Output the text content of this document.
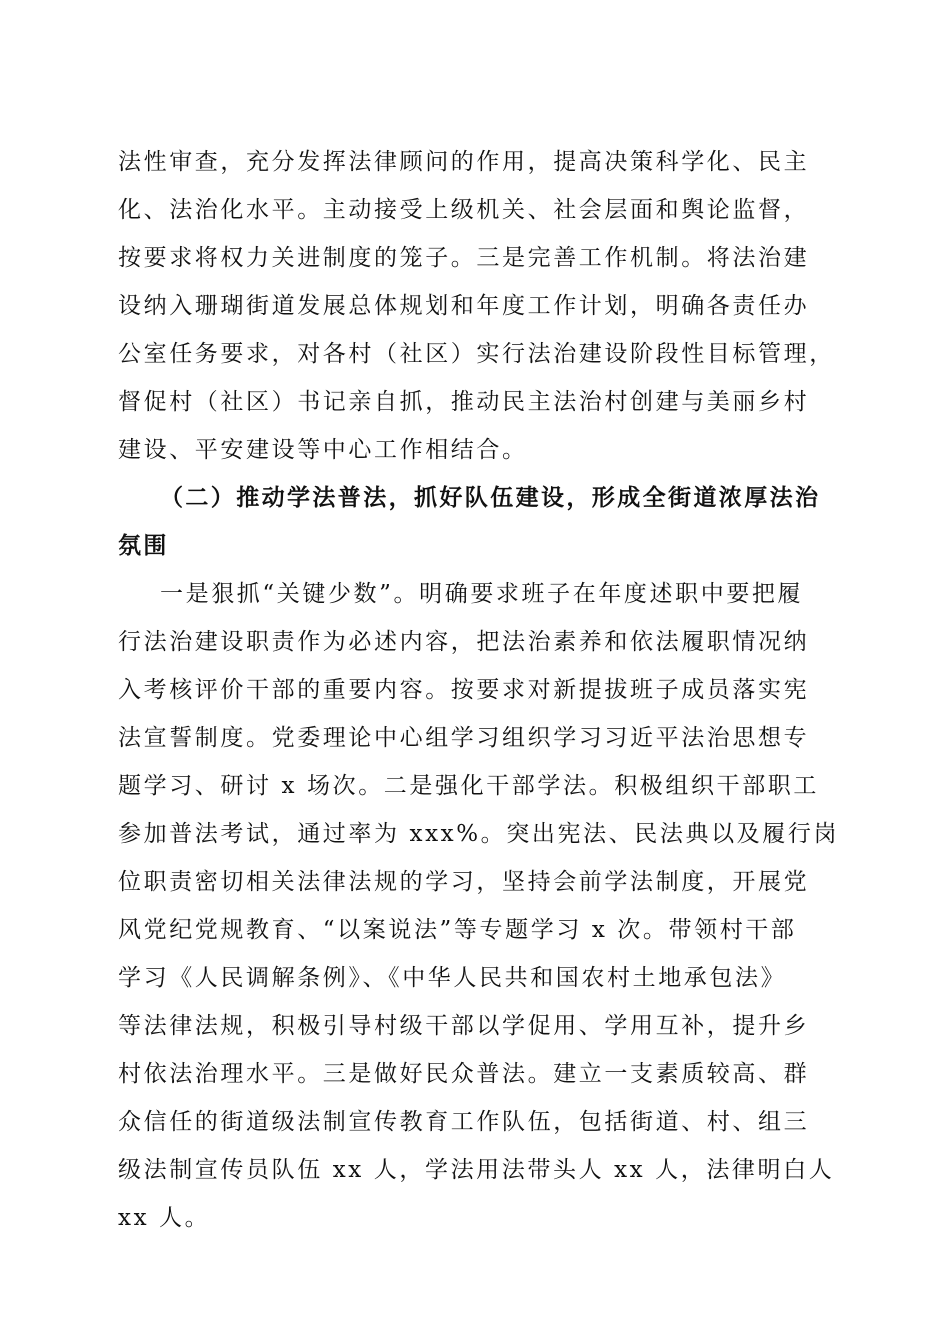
法性审查，充分发挥法律顾问的作用，提高决策科学化、民主
化、法治化水平。主动接受上级机关、社会层面和舆论监督，
按要求将权力关进制度的笼子。三是完善工作机制。将法治建
设纳入珊瑚街道发展总体规划和年度工作计划，明确各责任办
公室任务要求，对各村（社区）实行法治建设阶段性目标管理，
督促村（社区）书记亲自抓，推动民主法治村创建与美丽乡村
建设、平安建设等中心工作相结合。
（二）推动学法普法，抓好队伍建设，形成全街道浓厚法治
氛围
一是狠抓“关键少数”。明确要求班子在年度述职中要把履
行法治建设职责作为必述内容，把法治素养和依法履职情况纳
入考核评价干部的重要内容。按要求对新提拔班子成员落实宪
法宣誓制度。党委理论中心组学习组织学习习近平法治思想专
题学习、研讨 x 场次。二是强化干部学法。积极组织干部职工
参加普法考试，通过率为 xxx%。突出宪法、民法典以及履行岗
位职责密切相关法律法规的学习，坚持会前学法制度，开展党
风党纪党规教育、“以案说法”等专题学习 x 次。带领村干部
学习《人民调解条例》、《中华人民共和国农村土地承包法》
等法律法规，积极引导村级干部以学促用、学用互补，提升乡
村依法治理水平。三是做好民众普法。建立一支素质较高、群
众信任的街道级法制宣传教育工作队伍，包括街道、村、组三
级法制宣传员队伍 xx 人，学法用法带头人 xx 人，法律明白人
xx 人。
